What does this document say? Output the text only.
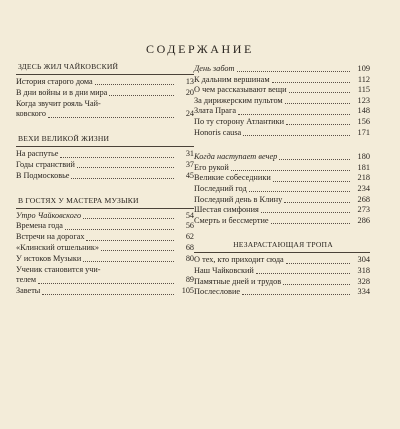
СОДЕРЖАНИЕ
ЗДЕСЬ ЖИЛ ЧАЙКОВСКИЙ
История старого дома	13
В дни войны и в дни мира	20
Когда звучит рояль Чай-
ковского	24
ВЕХИ ВЕЛИКОЙ ЖИЗНИ
На распутье	31
Годы странствий	37
В Подмосковье	45
В ГОСТЯХ У МАСТЕРА МУЗЫКИ
Утро Чайковского	54
Времена года	56
Встречи на дорогах	62
«Клинский отшельник»	68
У истоков Музыки	80
Ученик становится учи-
телем	89
Заветы	105
День забот	109
К дальним вершинам	112
О чем рассказывают вещи	115
За дирижерским пультом	123
Злата Прага	148
По ту сторону Атлантики	156
Honoris causa	171
Когда наступает вечер	180
Его рукой	181
Великие собеседники	218
Последний год	234
Последний день в Клину	268
Шестая симфония	273
Смерть и бессмертие	286
НЕЗАРАСТАЮЩАЯ ТРОПА
О тех, кто приходит сюда	304
Наш Чайковский	318
Памятные дней и трудов	328
Послесловие	334
